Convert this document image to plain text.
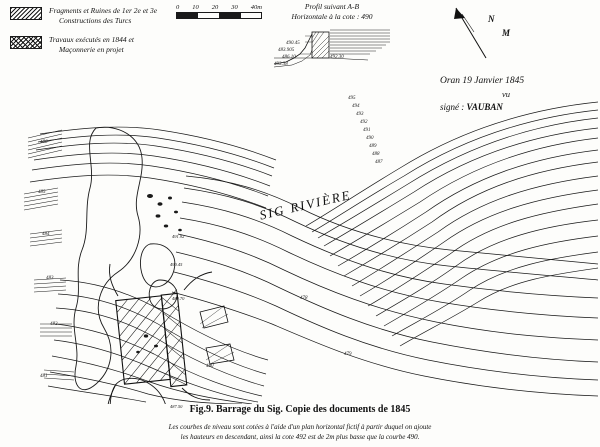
Fragments et Ruines de 1er 2e et 3e
Constructions des Turcs
Travaux exécutés en 1844 et
Maçonnerie en projet
0 10 20 30 40m	Profil suivant A-B
Horizontale à la cote : 490
483.905
486.10	492.30
493.38
490.45
N
M
Oran 19 Janvier 1845
vu
signé : VAUBAN
495
494
493
492
491
490
489
488
487
486
485
484
483
482
481
480
479
478
491.92
490.45
489.70
487.50
SIG RIVIÈRE
Fig.9. Barrage du Sig. Copie des documents de 1845
Les courbes de niveau sont cotées à l'aide d'un plan horizontal fictif à partir duquel on ajoute
les hauteurs en descendant, ainsi la cote 492 est de 2m plus basse que la courbe 490.
